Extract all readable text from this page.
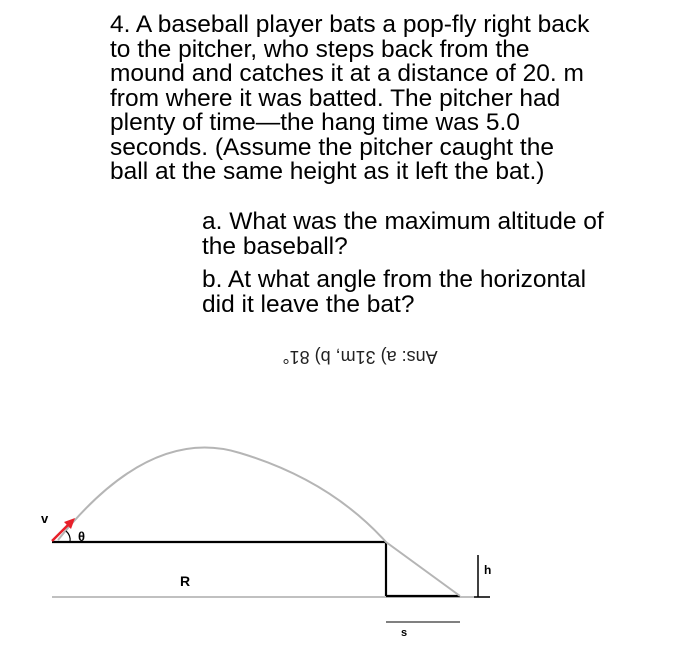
4. A baseball player bats a pop-fly right back
to the pitcher, who steps back from the
mound and catches it at a distance of 20. m
from where it was batted. The pitcher had
plenty of time—the hang time was 5.0
seconds. (Assume the pitcher caught the
ball at the same height as it left the bat.)
a. What was the maximum altitude of
the baseball?
b. At what angle from the horizontal
did it leave the bat?
Ans: a) 31m, b) 81°
v
θ
R
h
s
